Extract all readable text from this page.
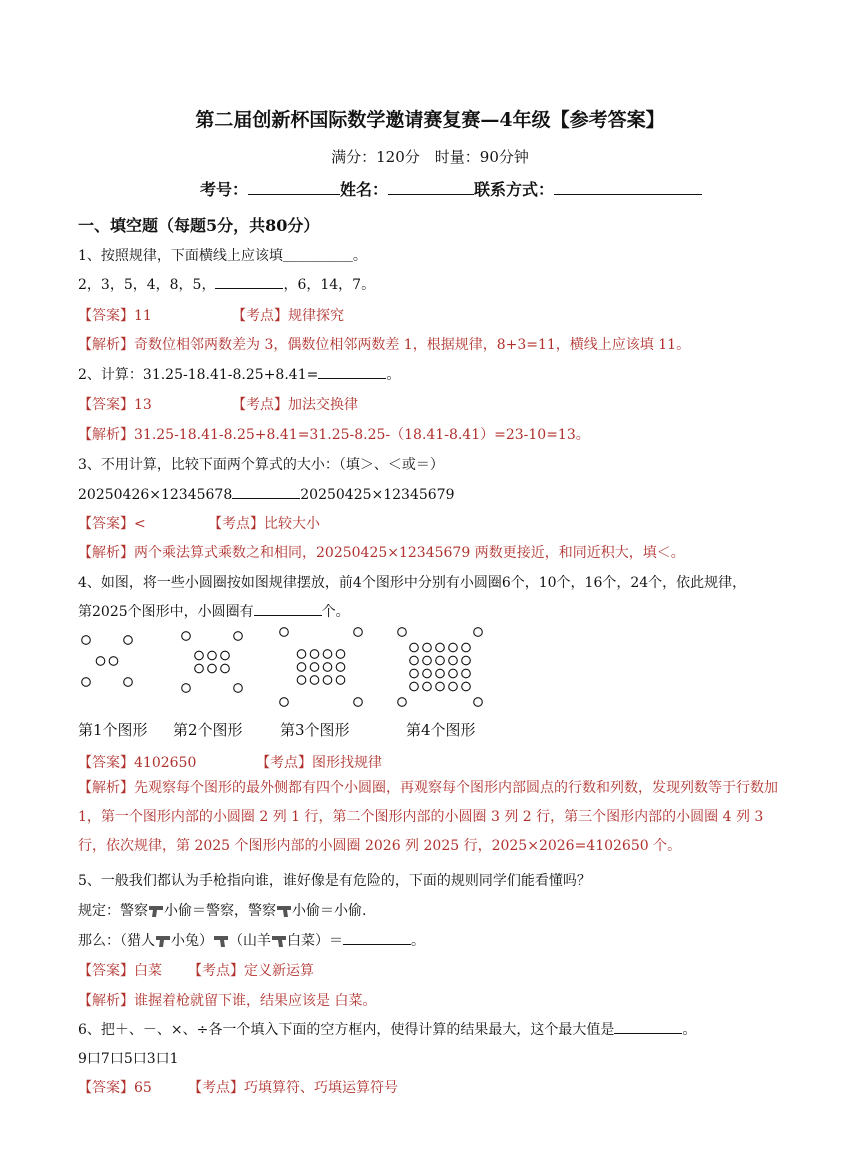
第二届创新杯国际数学邀请赛复赛—4年级【参考答案】
满分：120分　时量：90分钟
考号：	姓名：	联系方式：
一、填空题（每题5分，共80分）
1、按照规律，下面横线上应该填＿＿＿＿＿。
2，3，5，4，8，5，	，6，14，7。
【答案】11	【考点】规律探究
【解析】奇数位相邻两数差为 3，偶数位相邻两数差 1，根据规律，8+3=11，横线上应该填 11。
2、计算：31.25-18.41-8.25+8.41=	。
【答案】13	【考点】加法交换律
【解析】31.25-18.41-8.25+8.41=31.25-8.25-（18.41-8.41）=23-10=13。
3、不用计算，比较下面两个算式的大小：（填＞、＜或＝）
20250426×12345678	20250425×12345679
【答案】<	【考点】比较大小
【解析】两个乘法算式乘数之和相同，20250425×12345679 两数更接近，和同近积大，填＜。
4、如图，将一些小圆圈按如图规律摆放，前4个图形中分别有小圆圈6个，10个，16个，24个，依此规律，
第2025个图形中，小圆圈有	个。
第1个图形 第2个图形 第3个图形	第4个图形
【答案】4102650	【考点】图形找规律
【解析】先观察每个图形的最外侧都有四个小圆圈，再观察每个图形内部圆点的行数和列数，发现列数等于行数加 1，第一个图形内部的小圆圈 2 列 1 行，第二个图形内部的小圆圈 3 列 2 行，第三个图形内部的小圆圈 4 列 3 行，依次规律，第 2025 个图形内部的小圆圈 2026 列 2025 行，2025×2026=4102650 个。
5、一般我们都认为手枪指向谁，谁好像是有危险的，下面的规则同学们能看懂吗？
规定：警察 小偷＝警察，警察 小偷＝小偷.
那么：（猎人 小兔） （山羊 白菜）＝	。
【答案】白菜 【考点】定义新运算
【解析】谁握着枪就留下谁，结果应该是 白菜。
6、把＋、－、×、÷各一个填入下面的空方框内，使得计算的结果最大，这个最大值是	。
9口7口5口3口1
【答案】65	【考点】巧填算符、巧填运算符号
